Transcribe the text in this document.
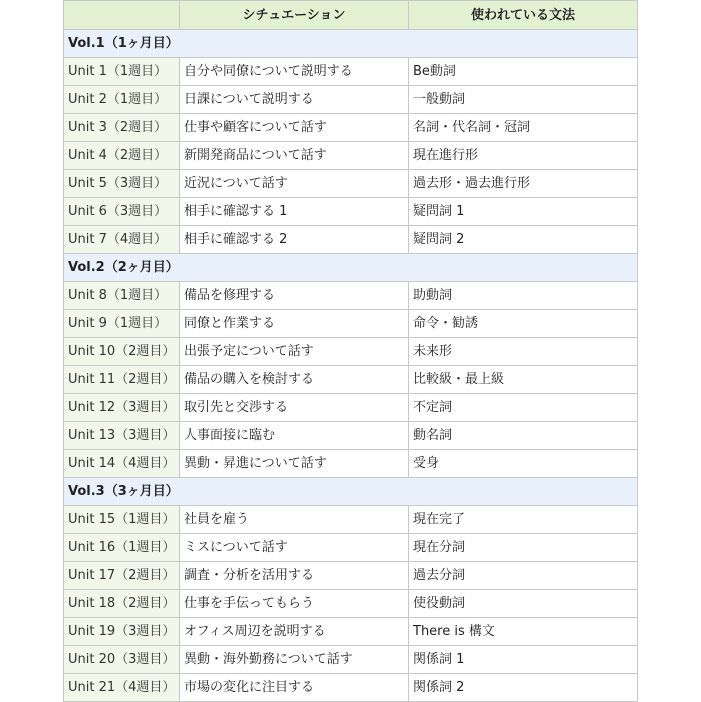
	シチュエーション	使われている文法
Vol.1（1ヶ月目）		
Unit 1（1週目）	自分や同僚について説明する	Be動詞
Unit 2（1週目）	日課について説明する	一般動詞
Unit 3（2週目）	仕事や顧客について話す	名詞・代名詞・冠詞
Unit 4（2週目）	新開発商品について話す	現在進行形
Unit 5（3週目）	近況について話す	過去形・過去進行形
Unit 6（3週目）	相手に確認する 1	疑問詞 1
Unit 7（4週目）	相手に確認する 2	疑問詞 2
Vol.2（2ヶ月目）		
Unit 8（1週目）	備品を修理する	助動詞
Unit 9（1週目）	同僚と作業する	命令・勧誘
Unit 10（2週目）	出張予定について話す	未来形
Unit 11（2週目）	備品の購入を検討する	比較級・最上級
Unit 12（3週目）	取引先と交渉する	不定詞
Unit 13（3週目）	人事面接に臨む	動名詞
Unit 14（4週目）	異動・昇進について話す	受身
Vol.3（3ヶ月目）		
Unit 15（1週目）	社員を雇う	現在完了
Unit 16（1週目）	ミスについて話す	現在分詞
Unit 17（2週目）	調査・分析を活用する	過去分詞
Unit 18（2週目）	仕事を手伝ってもらう	使役動詞
Unit 19（3週目）	オフィス周辺を説明する	There is 構文
Unit 20（3週目）	異動・海外勤務について話す	関係詞 1
Unit 21（4週目）	市場の変化に注目する	関係詞 2
